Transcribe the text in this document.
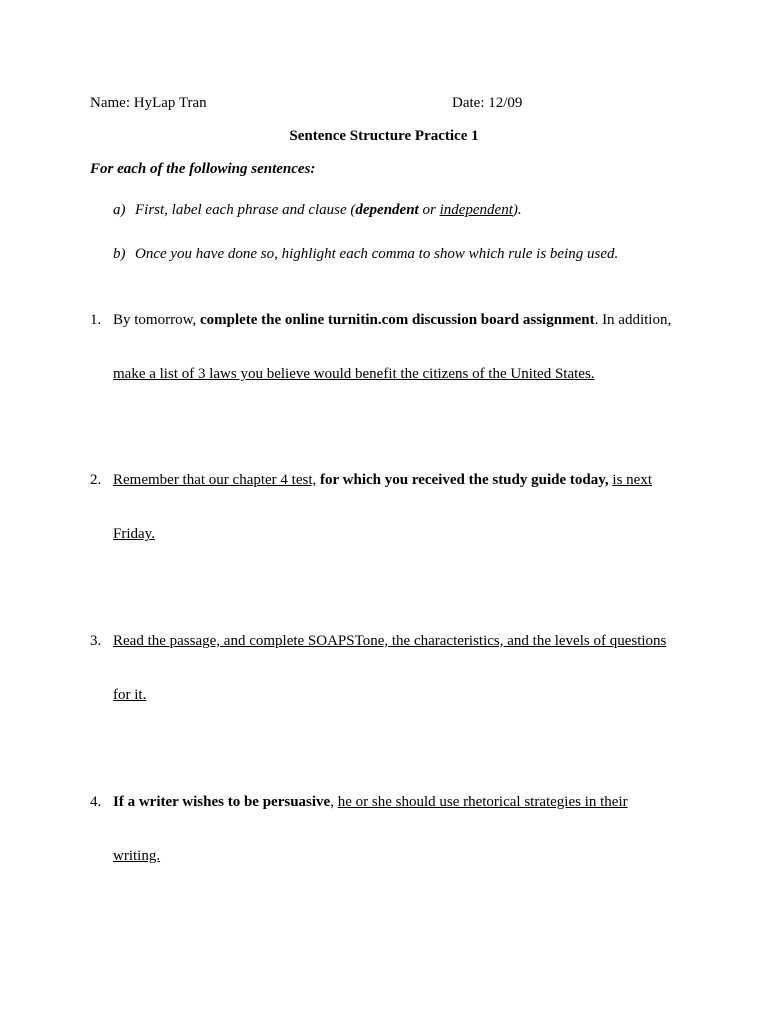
Name: HyLap Tran	Date: 12/09
Sentence Structure Practice 1
For each of the following sentences:
a) First, label each phrase and clause (dependent or independent).
b) Once you have done so, highlight each comma to show which rule is being used.
1. By tomorrow, complete the online turnitin.com discussion board assignment. In addition,
make a list of 3 laws you believe would benefit the citizens of the United States.
2. Remember that our chapter 4 test, for which you received the study guide today, is next
Friday.
3. Read the passage, and complete SOAPSTone, the characteristics, and the levels of questions
for it.
4. If a writer wishes to be persuasive, he or she should use rhetorical strategies in their
writing.
